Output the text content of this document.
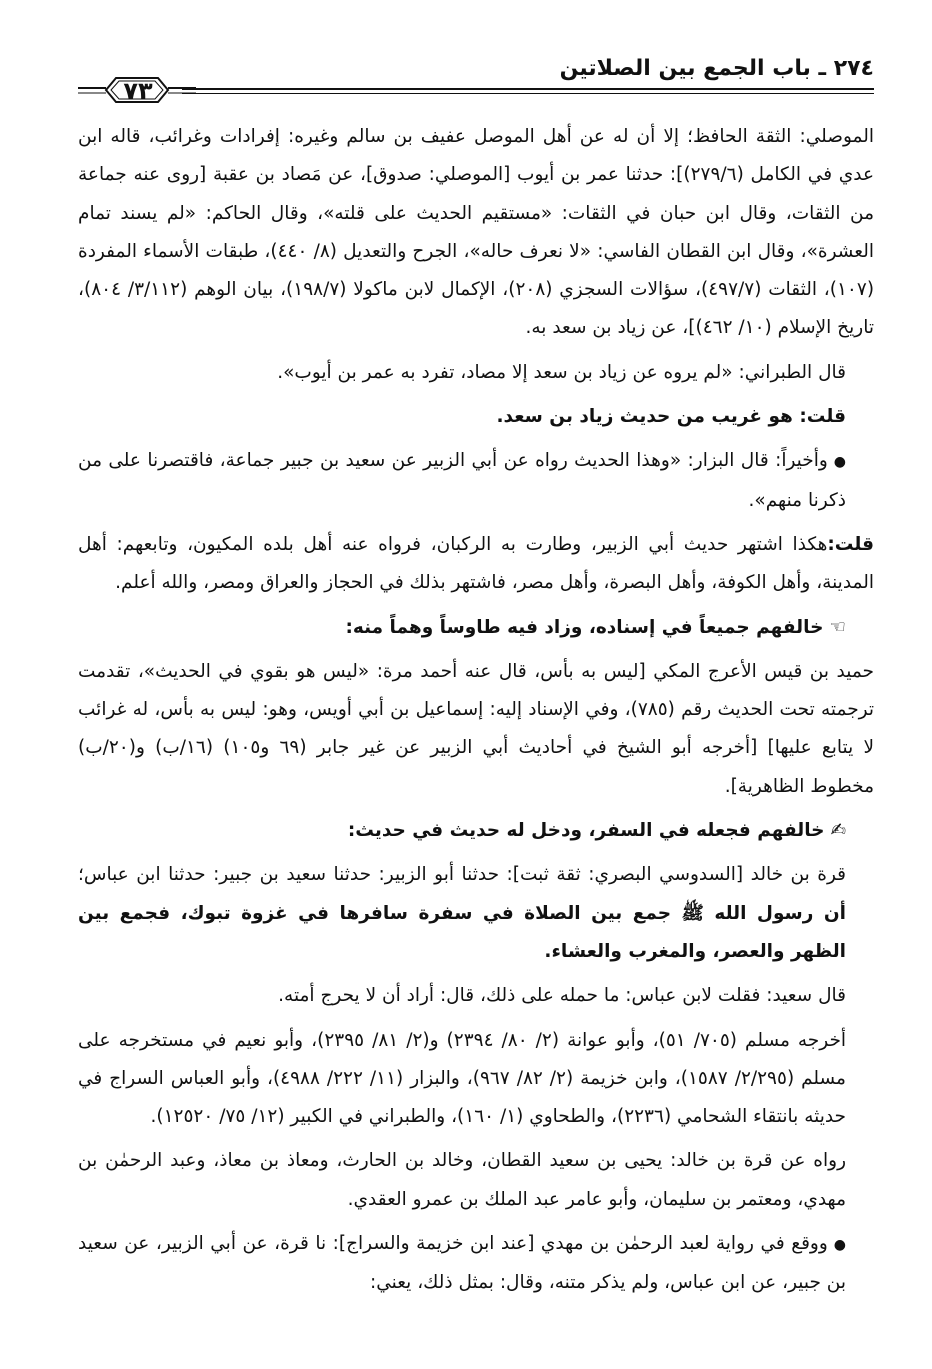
٢٧٤ ـ باب الجمع بين الصلاتين
٧٣

الموصلي: الثقة الحافظ؛ إلا أن له عن أهل الموصل عفيف بن سالم وغيره: إفرادات وغرائب، قاله ابن عدي في الكامل (٢٧٩/٦)]: حدثنا عمر بن أيوب [الموصلي: صدوق]، عن مَصاد بن عقبة [روى عنه جماعة من الثقات، وقال ابن حبان في الثقات: «مستقيم الحديث على قلته»، وقال الحاكم: «لم يسند تمام العشرة»، وقال ابن القطان الفاسي: «لا نعرف حاله»، الجرح والتعديل (٨/ ٤٤٠)، طبقات الأسماء المفردة (١٠٧)، الثقات (٤٩٧/٧)، سؤالات السجزي (٢٠٨)، الإكمال لابن ماكولا (١٩٨/٧)، بيان الوهم (٣/١١٢/ ٨٠٤)، تاريخ الإسلام (١٠/ ٤٦٢)]، عن زياد بن سعد به.

قال الطبراني: «لم يروه عن زياد بن سعد إلا مصاد، تفرد به عمر بن أيوب».

قلت: هو غريب من حديث زياد بن سعد.

●وأخيراً: قال البزار: «وهذا الحديث رواه عن أبي الزبير عن سعيد بن جبير جماعة، فاقتصرنا على من ذكرنا منهم».

قلت:هكذا اشتهر حديث أبي الزبير، وطارت به الركبان، فرواه عنه أهل بلده المكيون، وتابعهم: أهل المدينة، وأهل الكوفة، وأهل البصرة، وأهل مصر، فاشتهر بذلك في الحجاز والعراق ومصر، والله أعلم.

☜خالفهم جميعاً في إسناده، وزاد فيه طاوساً وهماً منه:

حميد بن قيس الأعرج المكي [ليس به بأس، قال عنه أحمد مرة: «ليس هو بقوي في الحديث»، تقدمت ترجمته تحت الحديث رقم (٧٨٥)، وفي الإسناد إليه: إسماعيل بن أبي أويس، وهو: ليس به بأس، له غرائب لا يتابع عليها] [أخرجه أبو الشيخ في أحاديث أبي الزبير عن غير جابر (٦٩ و١٠٥) (١٦/ب) و(٢٠/ب) مخطوط الظاهرية].

✍خالفهم فجعله في السفر، ودخل له حديث في حديث:

قرة بن خالد [السدوسي البصري: ثقة ثبت]: حدثنا أبو الزبير: حدثنا سعيد بن جبير: حدثنا ابن عباس؛ أن رسول الله ﷺ جمع بين الصلاة في سفرة سافرها في غزوة تبوك، فجمع بين الظهر والعصر، والمغرب والعشاء.

قال سعيد: فقلت لابن عباس: ما حمله على ذلك، قال: أراد أن لا يحرج أمته.

أخرجه مسلم (٧٠٥/ ٥١)، وأبو عوانة (٢/ ٨٠/ ٢٣٩٤) و(٢/ ٨١/ ٢٣٩٥)، وأبو نعيم في مستخرجه على مسلم (٢/٢٩٥/ ١٥٨٧)، وابن خزيمة (٢/ ٨٢/ ٩٦٧)، والبزار (١١/ ٢٢٢/ ٤٩٨٨)، وأبو العباس السراج في حديثه بانتقاء الشحامي (٢٢٣٦)، والطحاوي (١/ ١٦٠)، والطبراني في الكبير (١٢/ ٧٥/ ١٢٥٢٠).

رواه عن قرة بن خالد: يحيى بن سعيد القطان، وخالد بن الحارث، ومعاذ بن معاذ، وعبد الرحمٰن بن مهدي، ومعتمر بن سليمان، وأبو عامر عبد الملك بن عمرو العقدي.

●ووقع في رواية لعبد الرحمٰن بن مهدي [عند ابن خزيمة والسراج]: نا قرة، عن أبي الزبير، عن سعيد بن جبير، عن ابن عباس، ولم يذكر متنه، وقال: بمثل ذلك، يعني:
